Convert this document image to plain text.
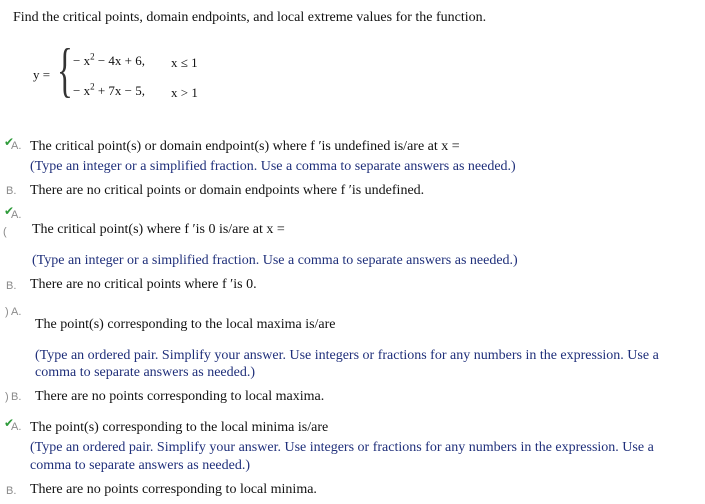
Find the critical points, domain endpoints, and local extreme values for the function.
y = { − $x^2 - 4x + 6$, x ≤ 1
− $x^2 + 7x - 5$, x > 1
✔
A. The critical point(s) or domain endpoint(s) where f ′is undefined is/are at x =
(Type an integer or a simplified fraction. Use a comma to separate answers as needed.)
B. There are no critical points or domain endpoints where f ′is undefined.
✔
A.
( The critical point(s) where f ′is 0 is/are at x =
(Type an integer or a simplified fraction. Use a comma to separate answers as needed.)
B. There are no critical points where f ′is 0.
) A.
The point(s) corresponding to the local maxima is/are
(Type an ordered pair. Simplify your answer. Use integers or fractions for any numbers in the expression. Use a
comma to separate answers as needed.)
) B. There are no points corresponding to local maxima.
✔
A. The point(s) corresponding to the local minima is/are
(Type an ordered pair. Simplify your answer. Use integers or fractions for any numbers in the expression. Use a
comma to separate answers as needed.)
B. There are no points corresponding to local minima.
